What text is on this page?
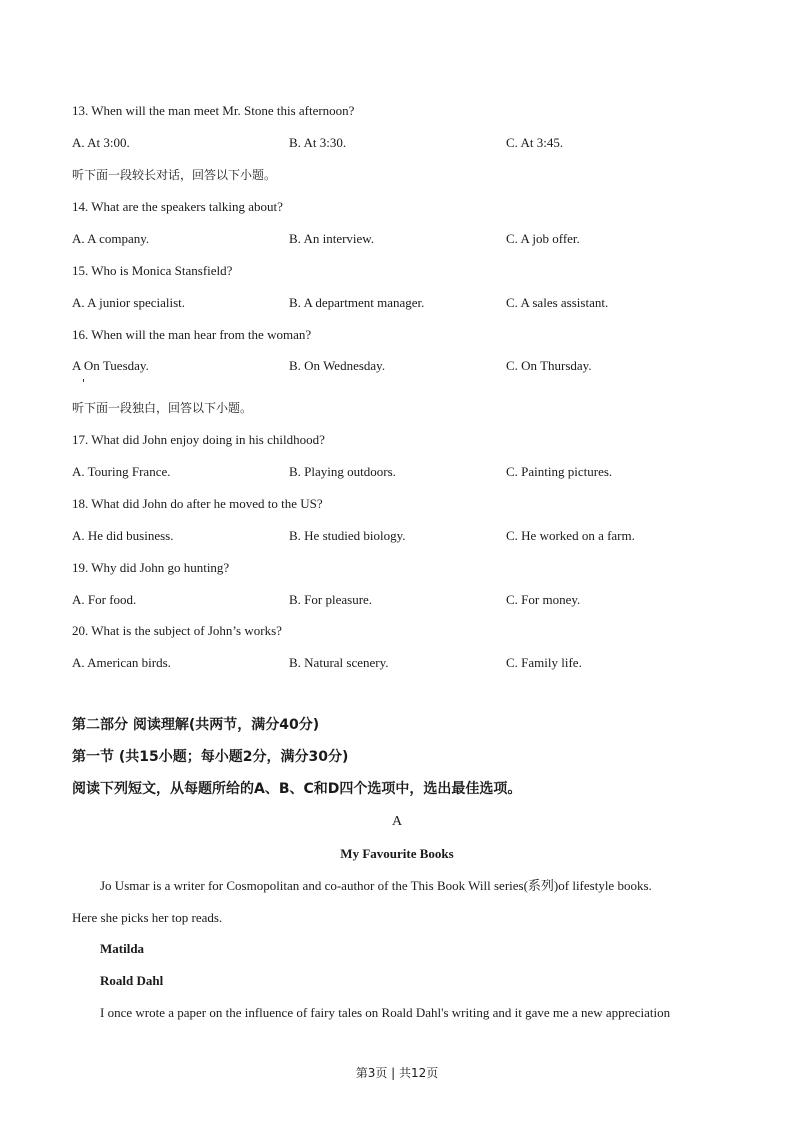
13. When will the man meet Mr. Stone this afternoon?
A. At 3:00.	B. At 3:30.	C. At 3:45.
听下面一段较长对话，回答以下小题。
14. What are the speakers talking about?
A. A company.	B. An interview.	C. A job offer.
15. Who is Monica Stansfield?
A. A junior specialist.	B. A department manager.	C. A sales assistant.
16. When will the man hear from the woman?
A On Tuesday.	B. On Wednesday.	C. On Thursday.
听下面一段独白，回答以下小题。
17. What did John enjoy doing in his childhood?
A. Touring France.	B. Playing outdoors.	C. Painting pictures.
18. What did John do after he moved to the US?
A. He did business.	B. He studied biology.	C. He worked on a farm.
19. Why did John go hunting?
A. For food.	B. For pleasure.	C. For money.
20. What is the subject of John’s works?
A. American birds.	B. Natural scenery.	C. Family life.
第二部分 阅读理解(共两节，满分40分)
第一节 (共15小题；每小题2分，满分30分)
阅读下列短文，从每题所给的A、B、C和D四个选项中，选出最佳选项。
A
My Favourite Books
Jo Usmar is a writer for Cosmopolitan and co-author of the This Book Will series(系列)of lifestyle books.
Here she picks her top reads.
Matilda
Roald Dahl
I once wrote a paper on the influence of fairy tales on Roald Dahl's writing and it gave me a new appreciation
第3页 | 共12页
